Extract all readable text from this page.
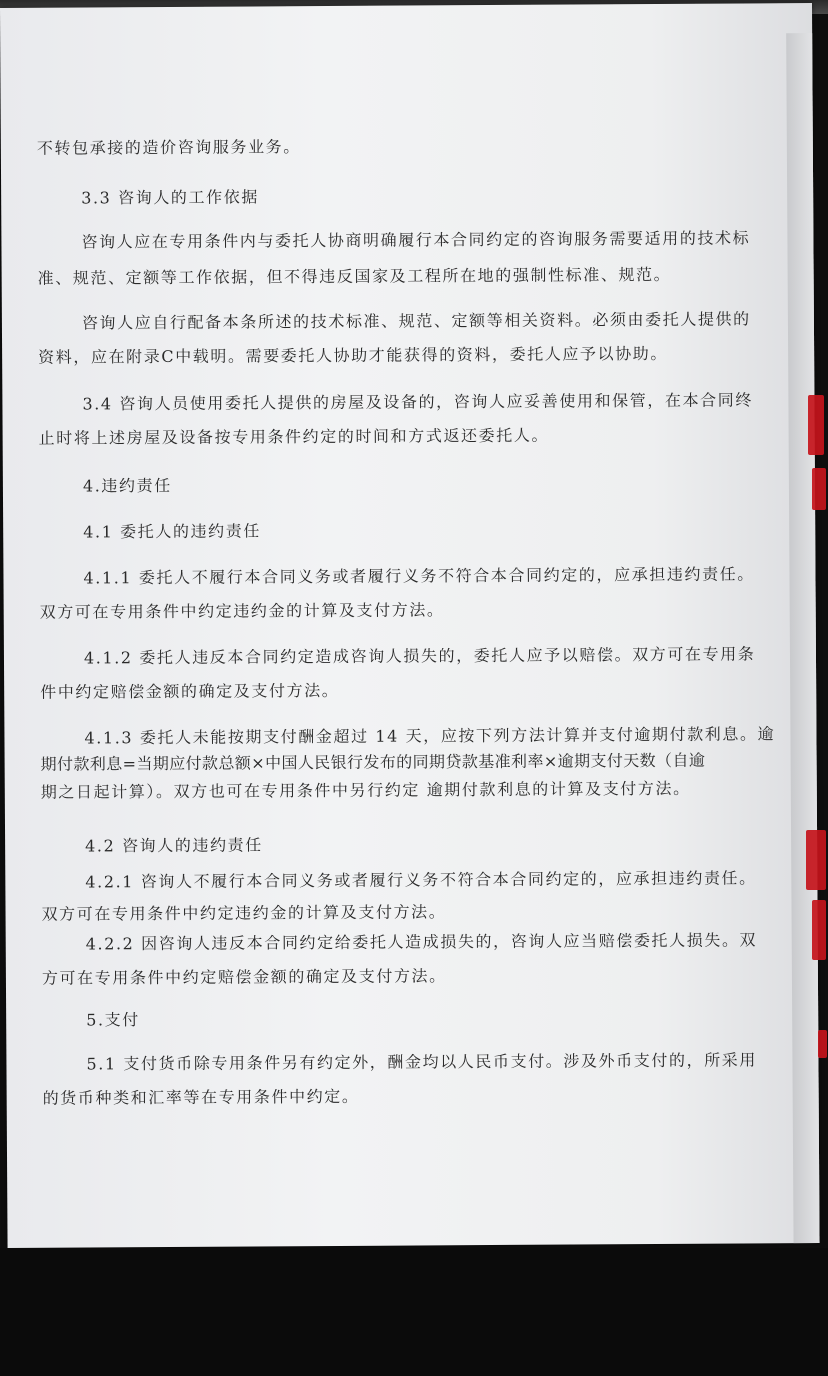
不转包承接的造价咨询服务业务。
3.3 咨询人的工作依据
咨询人应在专用条件内与委托人协商明确履行本合同约定的咨询服务需要适用的技术标
准、规范、定额等工作依据，但不得违反国家及工程所在地的强制性标准、规范。
咨询人应自行配备本条所述的技术标准、规范、定额等相关资料。必须由委托人提供的
资料，应在附录C中载明。需要委托人协助才能获得的资料，委托人应予以协助。
3.4 咨询人员使用委托人提供的房屋及设备的，咨询人应妥善使用和保管，在本合同终
止时将上述房屋及设备按专用条件约定的时间和方式返还委托人。
4.违约责任
4.1 委托人的违约责任
4.1.1 委托人不履行本合同义务或者履行义务不符合本合同约定的，应承担违约责任。
双方可在专用条件中约定违约金的计算及支付方法。
4.1.2 委托人违反本合同约定造成咨询人损失的，委托人应予以赔偿。双方可在专用条
件中约定赔偿金额的确定及支付方法。
4.1.3 委托人未能按期支付酬金超过 14 天，应按下列方法计算并支付逾期付款利息。逾
期付款利息=当期应付款总额×中国人民银行发布的同期贷款基准利率×逾期支付天数（自逾
期之日起计算）。双方也可在专用条件中另行约定 逾期付款利息的计算及支付方法。
4.2 咨询人的违约责任
4.2.1 咨询人不履行本合同义务或者履行义务不符合本合同约定的，应承担违约责任。
双方可在专用条件中约定违约金的计算及支付方法。
4.2.2 因咨询人违反本合同约定给委托人造成损失的，咨询人应当赔偿委托人损失。双
方可在专用条件中约定赔偿金额的确定及支付方法。
5.支付
5.1 支付货币除专用条件另有约定外，酬金均以人民币支付。涉及外币支付的，所采用
的货币种类和汇率等在专用条件中约定。
